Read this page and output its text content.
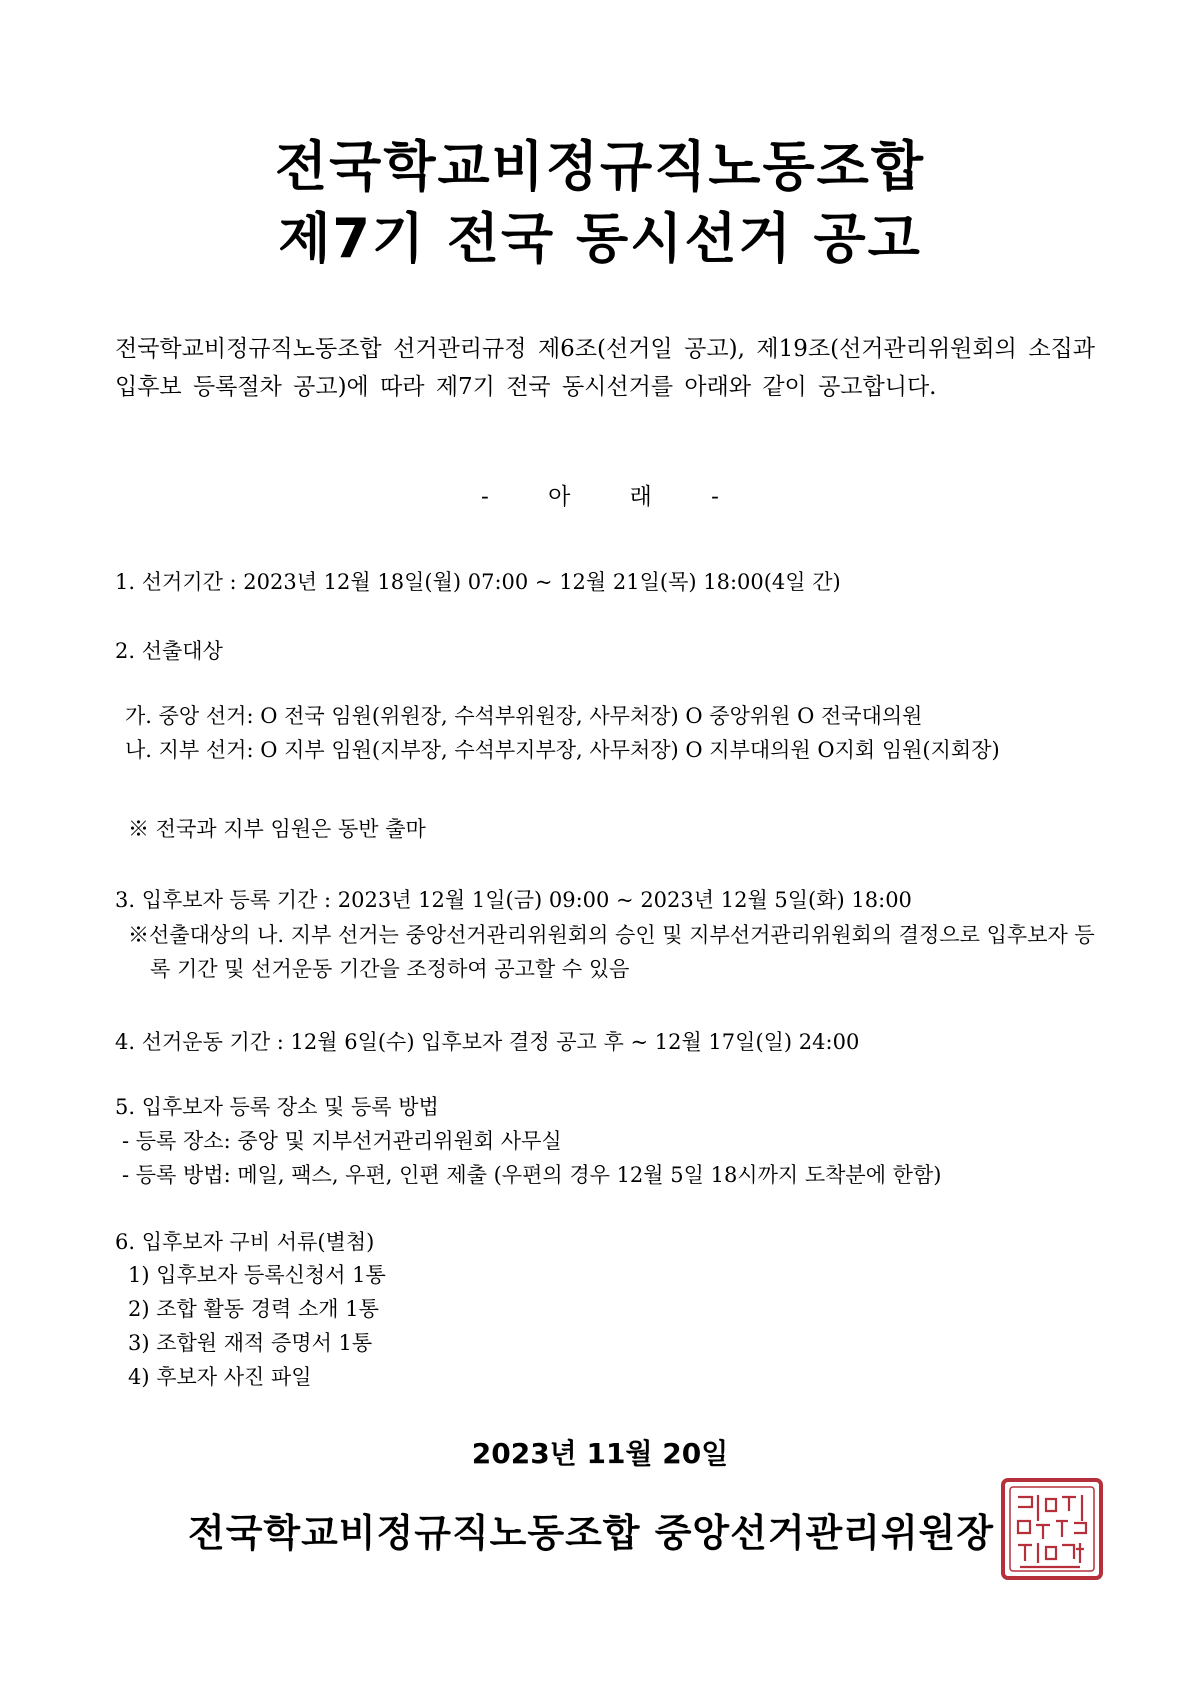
전국학교비정규직노동조합
제7기 전국 동시선거 공고
전국학교비정규직노동조합 선거관리규정 제6조(선거일 공고), 제19조(선거관리위원회의 소집과 입후보 등록절차 공고)에 따라 제7기 전국 동시선거를 아래와 같이 공고합니다.
- 아 래 -
1. 선거기간 : 2023년 12월 18일(월) 07:00 ~ 12월 21일(목) 18:00(4일 간)
2. 선출대상
가. 중앙 선거: O 전국 임원(위원장, 수석부위원장, 사무처장) O 중앙위원 O 전국대의원
나. 지부 선거: O 지부 임원(지부장, 수석부지부장, 사무처장) O 지부대의원 O지회 임원(지회장)
※ 전국과 지부 임원은 동반 출마
3. 입후보자 등록 기간 : 2023년 12월 1일(금) 09:00 ~ 2023년 12월 5일(화) 18:00
※선출대상의 나. 지부 선거는 중앙선거관리위원회의 승인 및 지부선거관리위원회의 결정으로 입후보자 등록 기간 및 선거운동 기간을 조정하여 공고할 수 있음
4. 선거운동 기간 : 12월 6일(수) 입후보자 결정 공고 후 ~ 12월 17일(일) 24:00
5. 입후보자 등록 장소 및 등록 방법
- 등록 장소: 중앙 및 지부선거관리위원회 사무실
- 등록 방법: 메일, 팩스, 우편, 인편 제출 (우편의 경우 12월 5일 18시까지 도착분에 한함)
6. 입후보자 구비 서류(별첨)
1) 입후보자 등록신청서 1통
2) 조합 활동 경력 소개 1통
3) 조합원 재적 증명서 1통
4) 후보자 사진 파일
2023년 11월 20일
전국학교비정규직노동조합 중앙선거관리위원장
